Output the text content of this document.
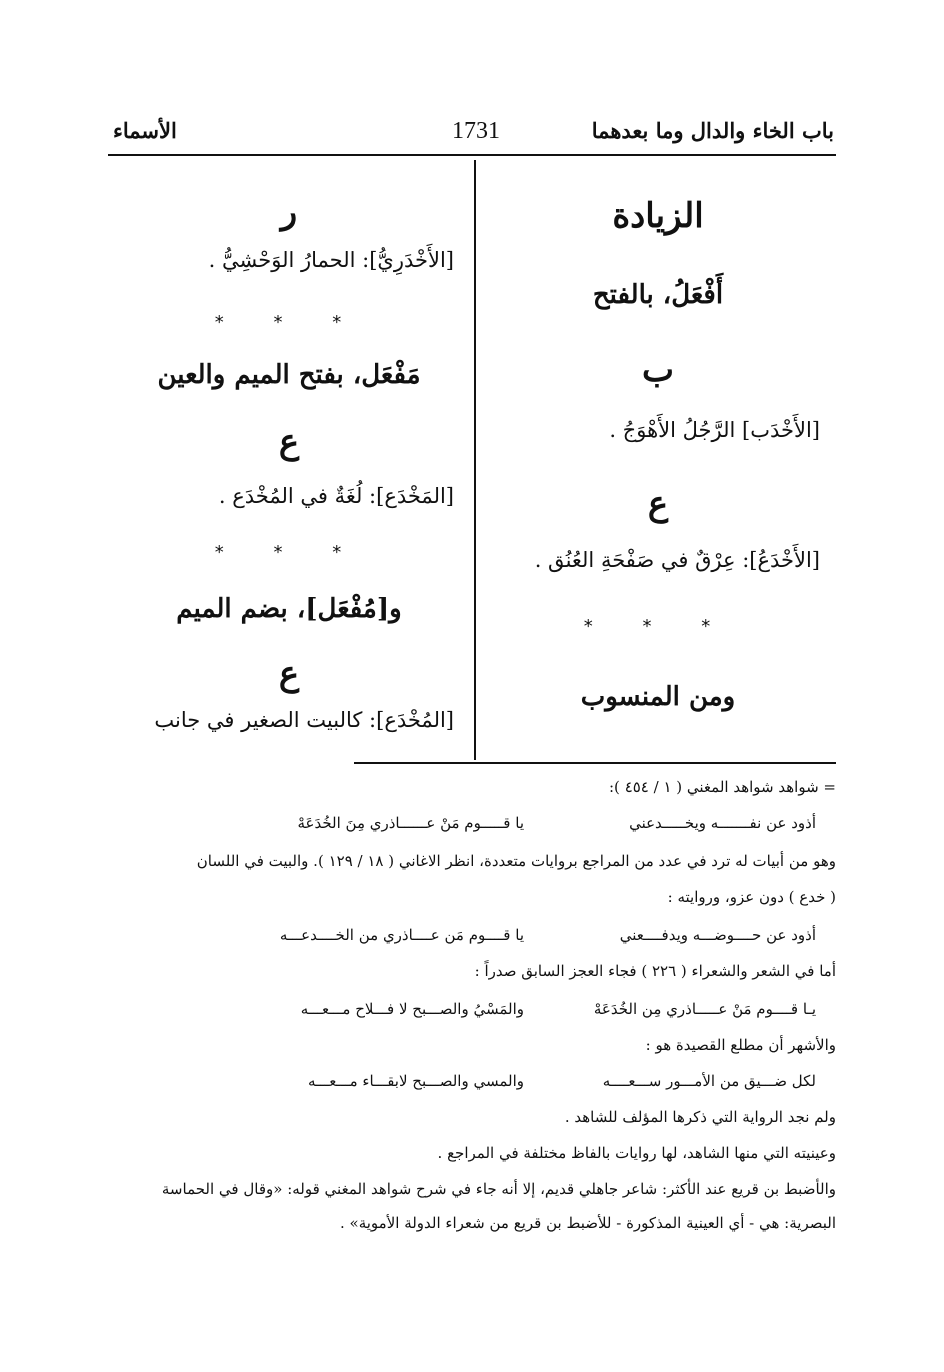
باب الخاء والدال وما بعدهما
1731
الأسماء
الزيادة
أَفْعَلُ، بالفتح
ب
[الأَخْدَب] الرَّجُلُ الأَهْوَجُ .
ع
[الأَخْدَعُ]: عِرْقٌ في صَفْحَةِ العُنُق .
* * *
ومن المنسوب
ر
[الأَخْدَرِيُّ]: الحمارُ الوَحْشِيُّ .
* * *
مَفْعَل، بفتح الميم والعين
ع
[المَخْدَع]: لُغَةٌ في المُخْدَع .
* * *
و[مُفْعَل]، بضم الميم
ع
[المُخْدَع]: كالبيت الصغير في جانب
= شواهد شواهد المغني ( ١ / ٤٥٤ ):
أذود عن نفـــــــه ويخـــــدعني
يا قـــــوم مَنْ عــــــاذري مِنَ الخُدَعَهْ
وهو من أبيات له ترد في عدد من المراجع بروايات متعددة، انظر الاغاني ( ١٨ / ١٢٩ ). والبيت في اللسان
( خدع ) دون عزو، وروايته :
أذود عن حــــوضـــه ويدفــــعني
يا قــــوم مَن عــــاذري من الخــــدعـــه
أما في الشعر والشعراء ( ٢٢٦ ) فجاء العجز السابق صدراً :
يـا قــــوم مَنْ عـــــاذري مِن الخُدَعَهْ
والمَسْيُ والصـــبح لا فـــلاح مـــعـــه
والأشهر أن مطلع القصيدة هو :
لكل ضـــيق من الأمـــور ســـعــــه
والمسي والصـــبح لابقـــاء مـــعـــه
ولم نجد الرواية التي ذكرها المؤلف للشاهد .
وعينيته التي منها الشاهد، لها روايات بالفاظ مختلفة في المراجع .
والأضبط بن قريع عند الأكثر: شاعر جاهلي قديم، إلا أنه جاء في شرح شواهد المغني قوله: «وقال في الحماسة
البصرية: هي - أي العينية المذكورة - للأضبط بن قريع من شعراء الدولة الأموية» .
